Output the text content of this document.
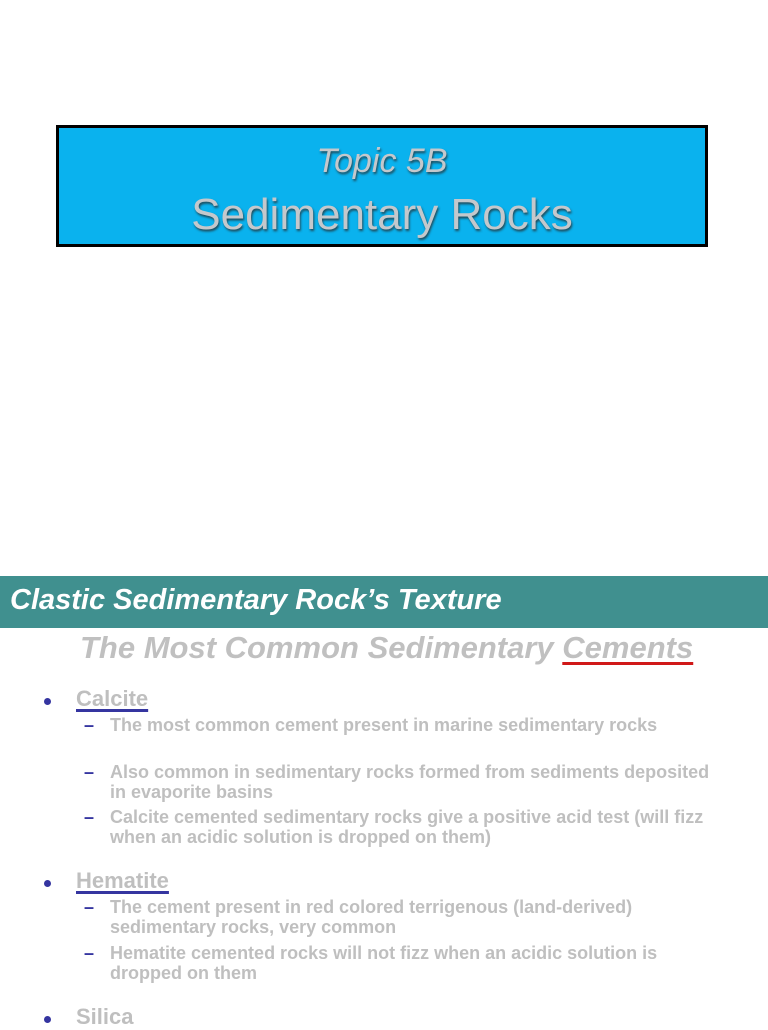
Topic 5B
Sedimentary Rocks
Clastic Sedimentary Rock’s Texture
The Most Common Sedimentary Cements
Calcite
– The most common cement present in marine sedimentary rocks
– Also common in sedimentary rocks formed from sediments deposited in evaporite basins
– Calcite cemented sedimentary rocks give a positive acid test (will fizz when an acidic solution is dropped on them)
Hematite
– The cement present in red colored terrigenous (land-derived) sedimentary rocks, very common
– Hematite cemented rocks will not fizz when an acidic solution is dropped on them
Silica
